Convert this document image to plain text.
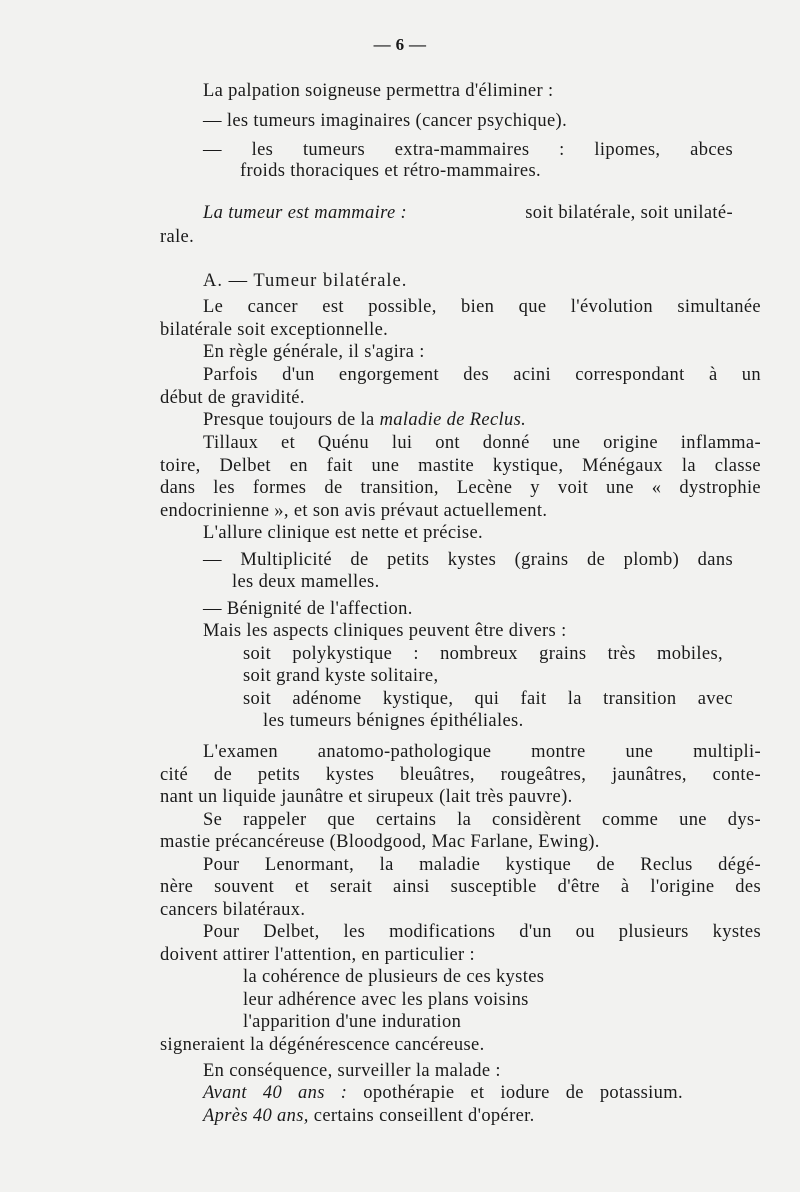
— 6 —
La palpation soigneuse permettra d'éliminer :
— les tumeurs imaginaires (cancer psychique).
— les tumeurs extra-mammaires : lipomes, abces
froids thoraciques et rétro-mammaires.
La tumeur est mammaire :	soit bilatérale, soit unilaté-
rale.
A. — Tumeur bilatérale.
Le cancer est possible, bien que l'évolution simultanée
bilatérale soit exceptionnelle.
En règle générale, il s'agira :
Parfois d'un engorgement des acini correspondant à un
début de gravidité.
Presque toujours de la maladie de Reclus.
Tillaux et Quénu lui ont donné une origine inflamma-
toire, Delbet en fait une mastite kystique, Ménégaux la classe
dans les formes de transition, Lecène y voit une « dystrophie
endocrinienne », et son avis prévaut actuellement.
L'allure clinique est nette et précise.
— Multiplicité de petits kystes (grains de plomb) dans
les deux mamelles.
— Bénignité de l'affection.
Mais les aspects cliniques peuvent être divers :
soit polykystique : nombreux grains très mobiles,
soit grand kyste solitaire,
soit adénome kystique, qui fait la transition avec
les tumeurs bénignes épithéliales.
L'examen anatomo-pathologique montre une multipli-
cité de petits kystes bleuâtres, rougeâtres, jaunâtres, conte-
nant un liquide jaunâtre et sirupeux (lait très pauvre).
Se rappeler que certains la considèrent comme une dys-
mastie précancéreuse (Bloodgood, Mac Farlane, Ewing).
Pour Lenormant, la maladie kystique de Reclus dégé-
nère souvent et serait ainsi susceptible d'être à l'origine des
cancers bilatéraux.
Pour Delbet, les modifications d'un ou plusieurs kystes
doivent attirer l'attention, en particulier :
la cohérence de plusieurs de ces kystes
leur adhérence avec les plans voisins
l'apparition d'une induration
signeraient la dégénérescence cancéreuse.
En conséquence, surveiller la malade :
Avant 40 ans : opothérapie et iodure de potassium.
Après 40 ans, certains conseillent d'opérer.
